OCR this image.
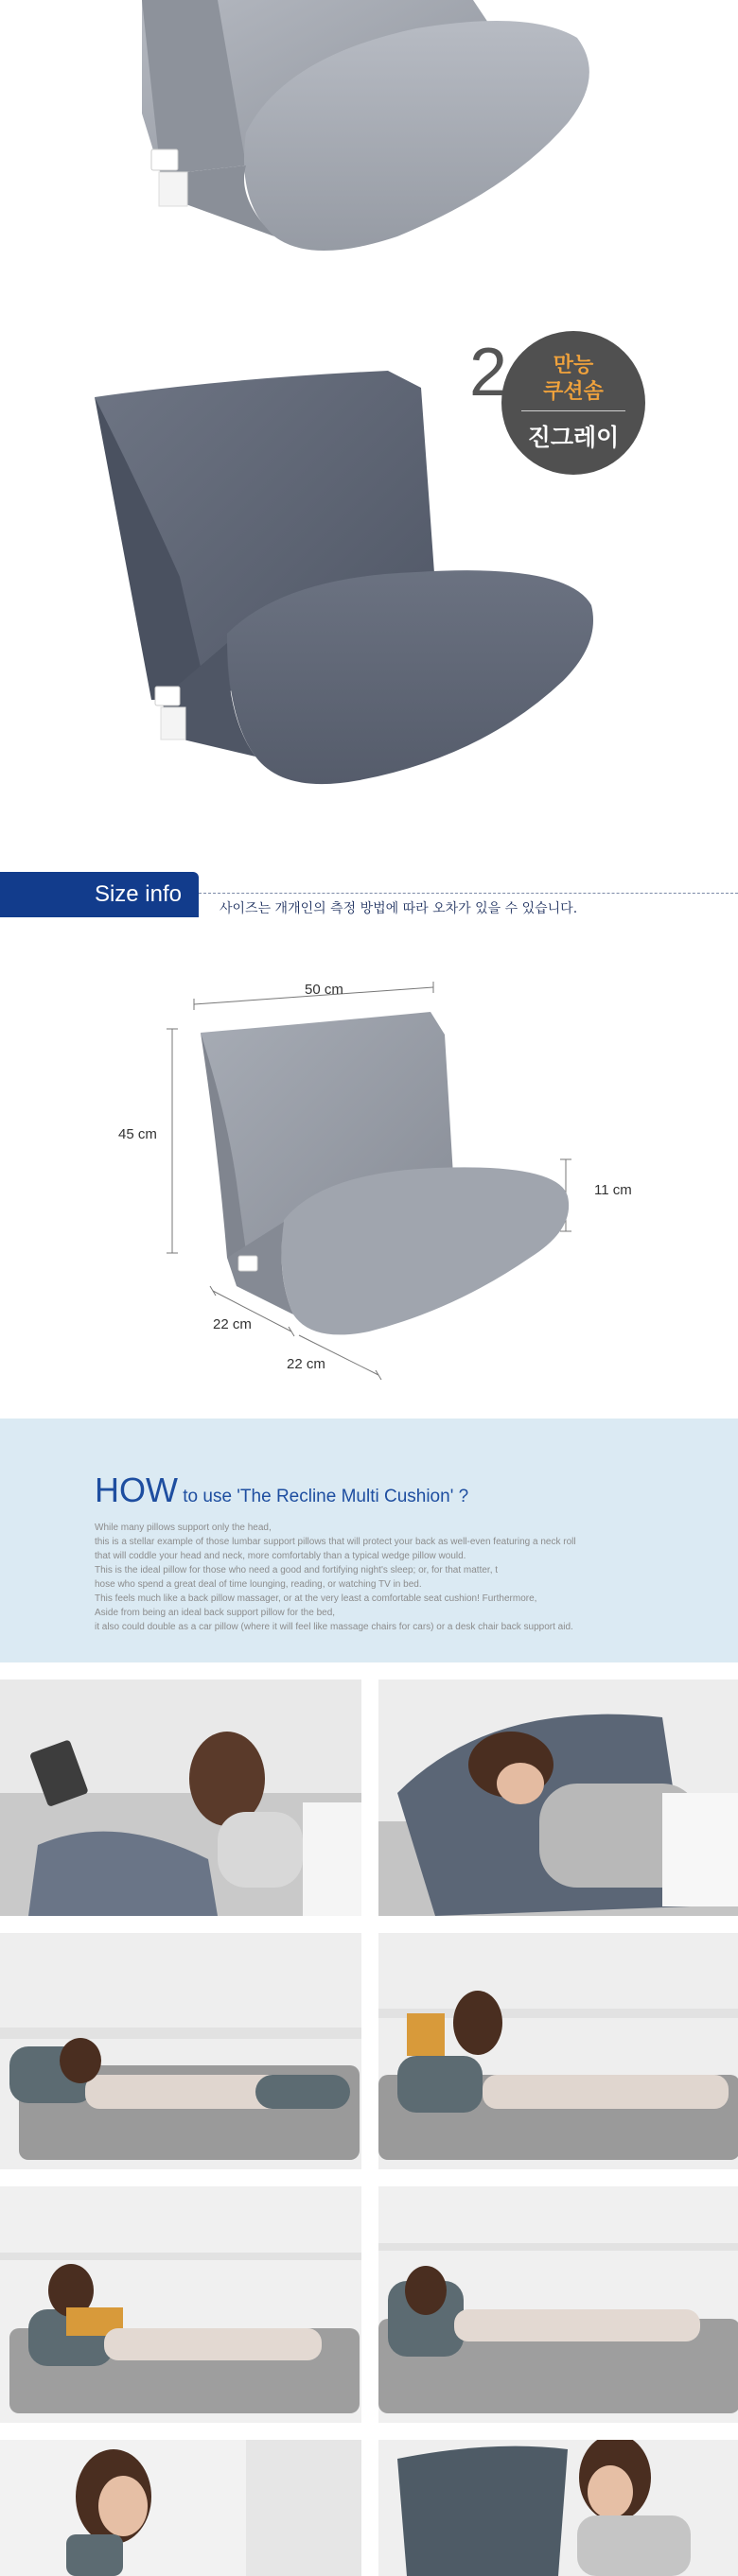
2 만능
쿠션솜
진그레이
Size info
사이즈는 개개인의 측정 방법에 따라 오차가 있을 수 있습니다.
50 cm
45 cm
11 cm
22 cm
22 cm
HOW to use 'The Recline Multi Cushion' ?
While many pillows support only the head,
this is a stellar example of those lumbar support pillows that will protect your back as well-even featuring a neck roll
that will coddle your head and neck, more comfortably than a typical wedge pillow would.
This is the ideal pillow for those who need a good and fortifying night's sleep; or, for that matter, t
hose who spend a great deal of time lounging, reading, or watching TV in bed.
This feels much like a back pillow massager, or at the very least a comfortable seat cushion! Furthermore,
Aside from being an ideal back support pillow for the bed,
it also could double as a car pillow (where it will feel like massage chairs for cars) or a desk chair back support aid.
